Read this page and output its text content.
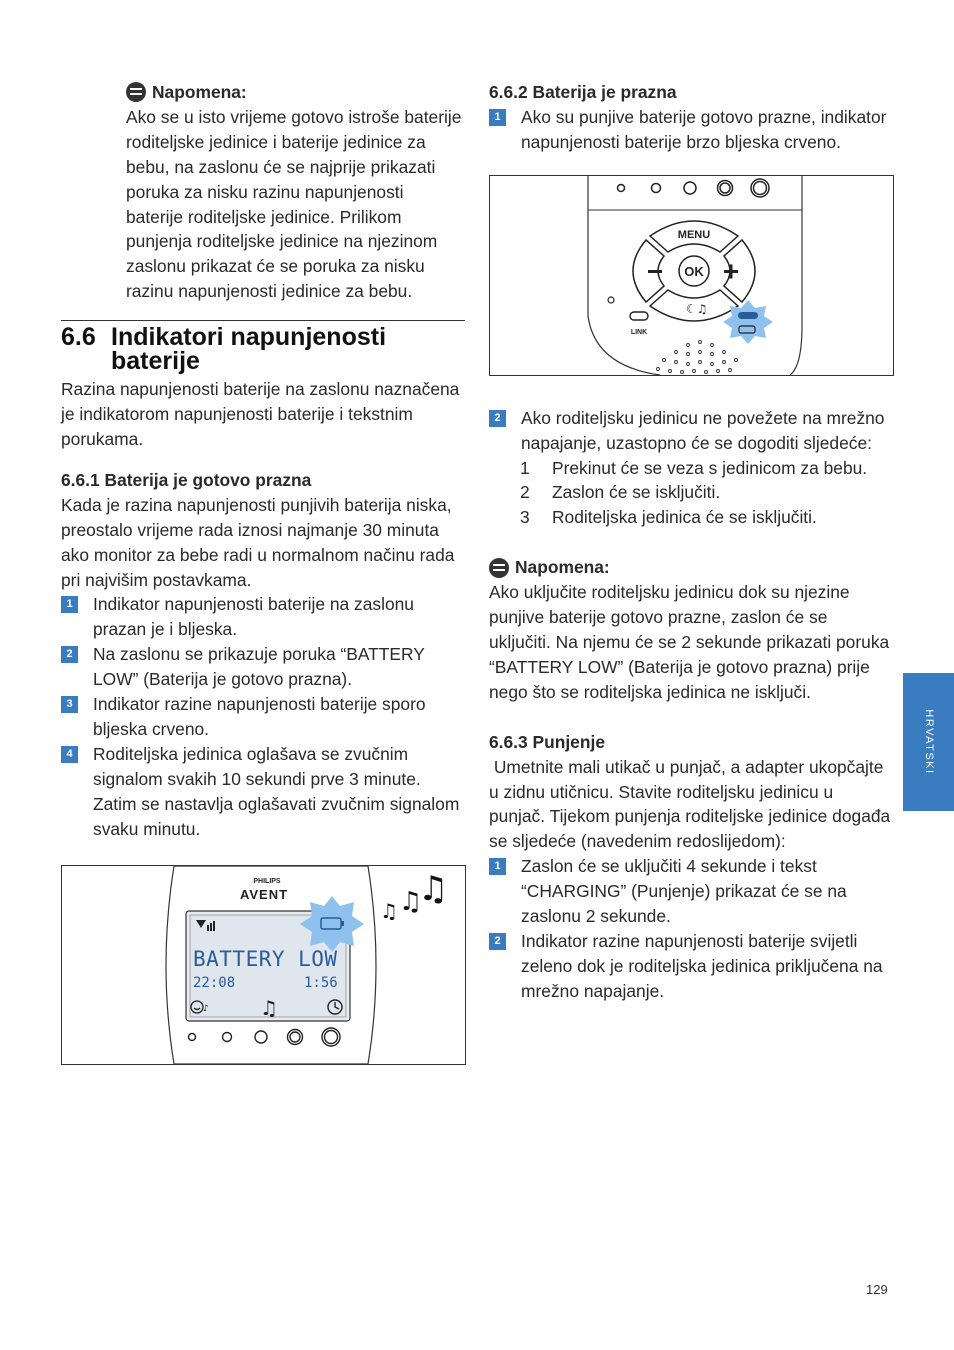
Napomena:
Ako se u isto vrijeme gotovo istroše baterije roditeljske jedinice i baterije jedinice za bebu, na zaslonu će se najprije prikazati poruka za nisku razinu napunjenosti baterije roditeljske jedinice. Prilikom punjenja roditeljske jedinice na njezinom zaslonu prikazat će se poruka za nisku razinu napunjenosti jedinice za bebu.
6.6 Indikatori napunjenosti baterije
Razina napunjenosti baterije na zaslonu naznačena je indikatorom napunjenosti baterije i tekstnim porukama.
6.6.1 Baterija je gotovo prazna
Kada je razina napunjenosti punjivih baterija niska, preostalo vrijeme rada iznosi najmanje 30 minuta ako monitor za bebe radi u normalnom načinu rada pri najvišim postavkama.
1	Indikator napunjenosti baterije na zaslonu prazan je i bljeska.
2	Na zaslonu se prikazuje poruka “BATTERY LOW” (Baterija je gotovo prazna).
3	Indikator razine napunjenosti baterije sporo bljeska crveno.
4	Roditeljska jedinica oglašava se zvučnim signalom svakih 10 sekundi prve 3 minute. Zatim se nastavlja oglašavati zvučnim signalom svaku minutu.
PHILIPS
AVENT
BATTERY LOW
22:08	1:56
♪	♫
♫ ♫
♫
6.6.2 Baterija je prazna
1	Ako su punjive baterije gotovo prazne, indikator napunjenosti baterije brzo bljeska crveno.
MENU
OK
☾♫
LINK
2	Ako roditeljsku jedinicu ne povežete na mrežno napajanje, uzastopno će se dogoditi sljedeće:
1	Prekinut će se veza s jedinicom za bebu.
2	Zaslon će se isključiti.
3	Roditeljska jedinica će se isključiti.
Napomena:
Ako uključite roditeljsku jedinicu dok su njezine punjive baterije gotovo prazne, zaslon će se uključiti. Na njemu će se 2 sekunde prikazati poruka “BATTERY LOW” (Baterija je gotovo prazna) prije nego što se roditeljska jedinica ne isključi.
6.6.3 Punjenje
Umetnite mali utikač u punjač, a adapter ukopčajte u zidnu utičnicu. Stavite roditeljsku jedinicu u punjač. Tijekom punjenja roditeljske jedinice događa se sljedeće (navedenim redoslijedom):
1	Zaslon će se uključiti 4 sekunde i tekst “CHARGING” (Punjenje) prikazat će se na zaslonu 2 sekunde.
2	Indikator razine napunjenosti baterije svijetli zeleno dok je roditeljska jedinica priključena na mrežno napajanje.
HRVATSKI
129
